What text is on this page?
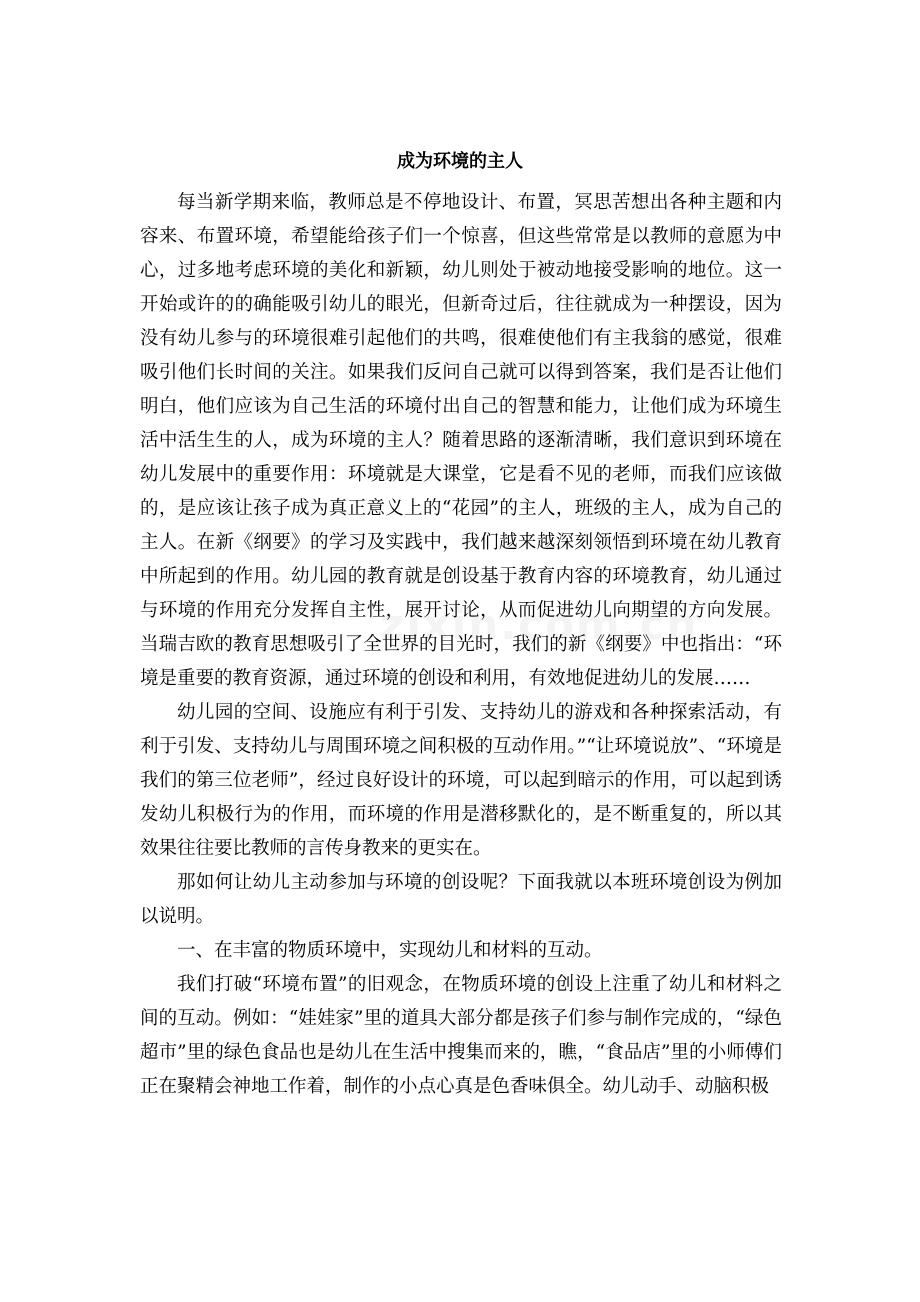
成为环境的主人

每当新学期来临，教师总是不停地设计、布置，冥思苦想出各种主题和内容来、布置环境，希望能给孩子们一个惊喜，但这些常常是以教师的意愿为中心，过多地考虑环境的美化和新颖，幼儿则处于被动地接受影响的地位。这一开始或许的的确能吸引幼儿的眼光，但新奇过后，往往就成为一种摆设，因为没有幼儿参与的环境很难引起他们的共鸣，很难使他们有主我翁的感觉，很难吸引他们长时间的关注。如果我们反问自己就可以得到答案，我们是否让他们明白，他们应该为自己生活的环境付出自己的智慧和能力，让他们成为环境生活中活生生的人，成为环境的主人？随着思路的逐渐清晰，我们意识到环境在幼儿发展中的重要作用：环境就是大课堂，它是看不见的老师，而我们应该做的，是应该让孩子成为真正意义上的“花园”的主人，班级的主人，成为自己的主人。在新《纲要》的学习及实践中，我们越来越深刻领悟到环境在幼儿教育中所起到的作用。幼儿园的教育就是创设基于教育内容的环境教育，幼儿通过与环境的作用充分发挥自主性，展开讨论，从而促进幼儿向期望的方向发展。当瑞吉欧的教育思想吸引了全世界的目光时，我们的新《纲要》中也指出：“环境是重要的教育资源，通过环境的创设和利用，有效地促进幼儿的发展……

幼儿园的空间、设施应有利于引发、支持幼儿的游戏和各种探索活动，有利于引发、支持幼儿与周围环境之间积极的互动作用。”“让环境说放”、“环境是我们的第三位老师”，经过良好设计的环境，可以起到暗示的作用，可以起到诱发幼儿积极行为的作用，而环境的作用是潜移默化的，是不断重复的，所以其效果往往要比教师的言传身教来的更实在。

那如何让幼儿主动参加与环境的创设呢？下面我就以本班环境创设为例加以说明。

一、在丰富的物质环境中，实现幼儿和材料的互动。

我们打破“环境布置”的旧观念，在物质环境的创设上注重了幼儿和材料之间的互动。例如：“娃娃家”里的道具大部分都是孩子们参与制作完成的，“绿色超市”里的绿色食品也是幼儿在生活中搜集而来的，瞧，“食品店”里的小师傅们正在聚精会神地工作着，制作的小点心真是色香味俱全。幼儿动手、动脑积极
